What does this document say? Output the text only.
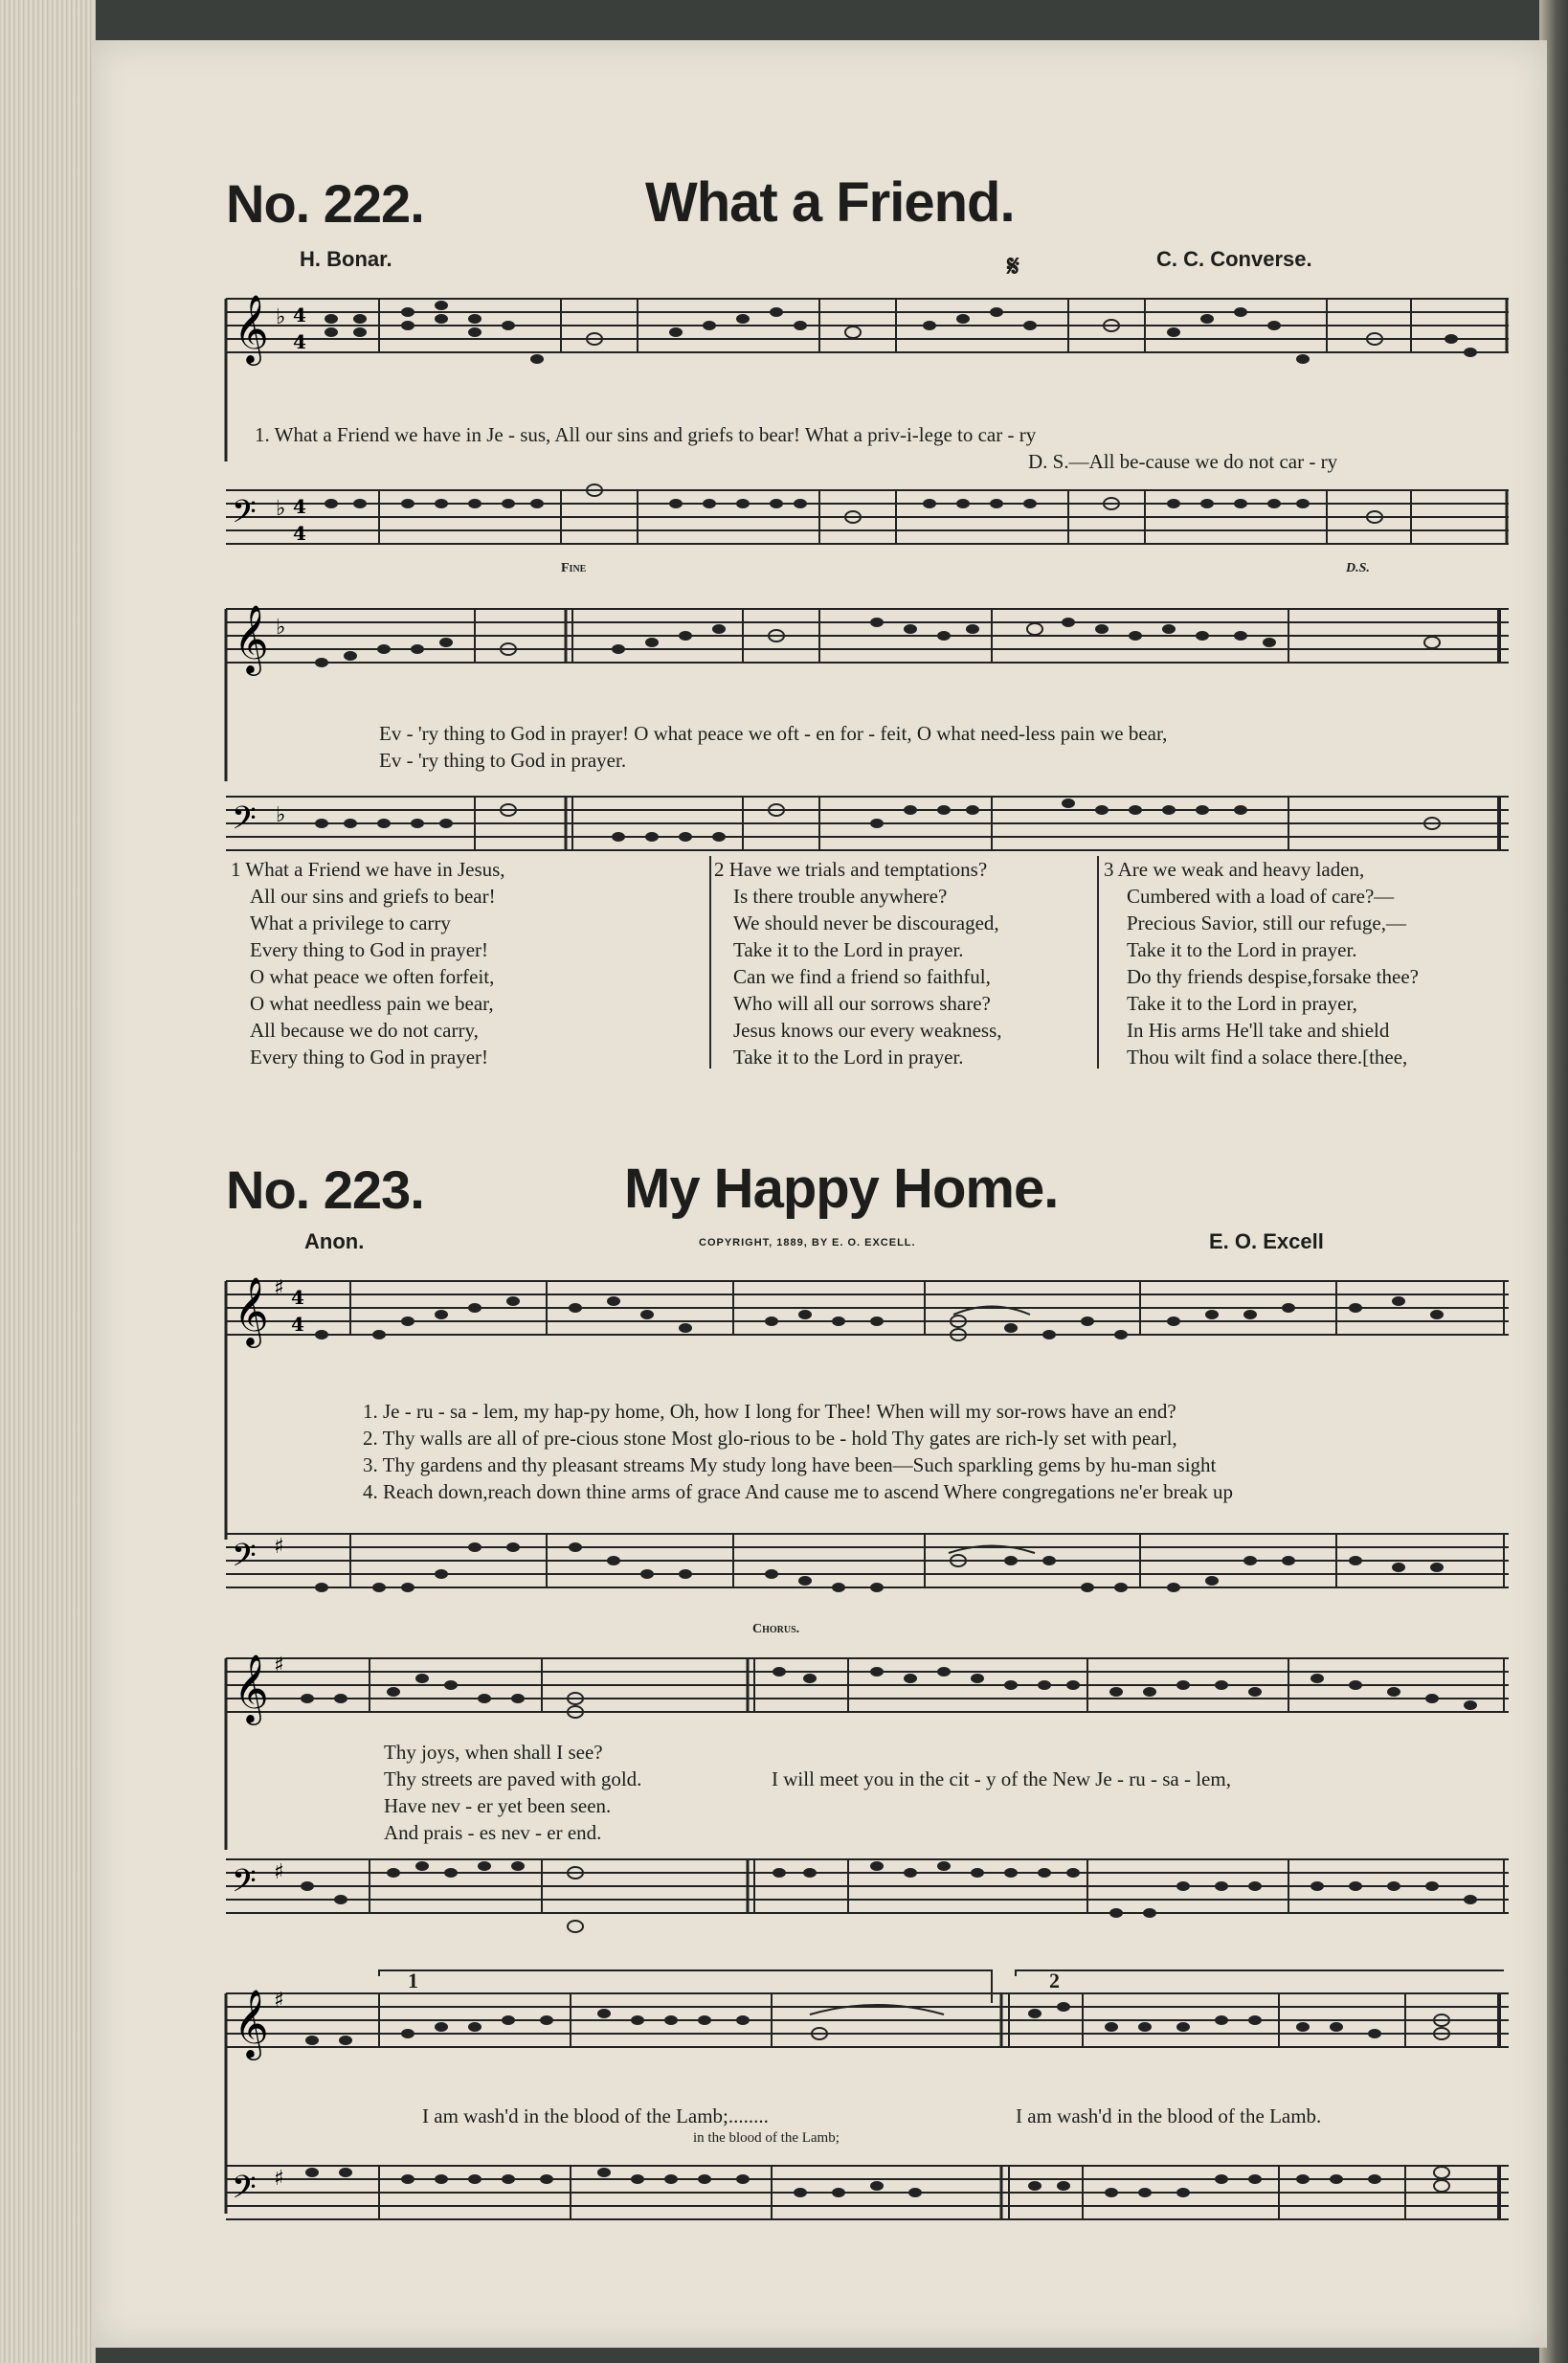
No. 222.	What a Friend.
H. Bonar.	C. C. Converse.
𝄋
𝄞 ♭ 4
4
1. What a Friend we have in Je - sus, All our sins and griefs to bear! What a priv-i-lege to car - ry
D. S.—All be-cause we do not car - ry
𝄢 ♭ 4
4
Fine	D.S.
𝄞 ♭
Ev - 'ry thing to God in prayer! O what peace we oft - en for - feit, O what need-less pain we bear,
Ev - 'ry thing to God in prayer.
𝄢 ♭
1 What a Friend we have in Jesus,
All our sins and griefs to bear!
What a privilege to carry
Every thing to God in prayer!
O what peace we often forfeit,
O what needless pain we bear,
All because we do not carry,
Every thing to God in prayer!
2 Have we trials and temptations?
Is there trouble anywhere?
We should never be discouraged,
Take it to the Lord in prayer.
Can we find a friend so faithful,
Who will all our sorrows share?
Jesus knows our every weakness,
Take it to the Lord in prayer.
3 Are we weak and heavy laden,
Cumbered with a load of care?—
Precious Savior, still our refuge,—
Take it to the Lord in prayer.
Do thy friends despise,forsake thee?
Take it to the Lord in prayer,
In His arms He'll take and shield
Thou wilt find a solace there.[thee,
No. 223.	My Happy Home.
Anon.	COPYRIGHT, 1889, BY E. O. EXCELL.	E. O. Excell
𝄞 ♯ 4
4
1. Je - ru - sa - lem, my hap-py home, Oh, how I long for Thee! When will my sor-rows have an end?
2. Thy walls are all of pre-cious stone Most glo-rious to be - hold Thy gates are rich-ly set with pearl,
3. Thy gardens and thy pleasant streams My study long have been—Such sparkling gems by hu-man sight
4. Reach down,reach down thine arms of grace And cause me to ascend Where congregations ne'er break up
𝄢 ♯
Chorus.
𝄞 ♯
Thy joys, when shall I see?
Thy streets are paved with gold.
Have nev - er yet been seen.
And prais - es nev - er end.
I will meet you in the cit - y of the New Je - ru - sa - lem,
𝄢 ♯
1	2
𝄞 ♯
I am wash'd in the blood of the Lamb;........
in the blood of the Lamb;
I am wash'd in the blood of the Lamb.
𝄢 ♯
